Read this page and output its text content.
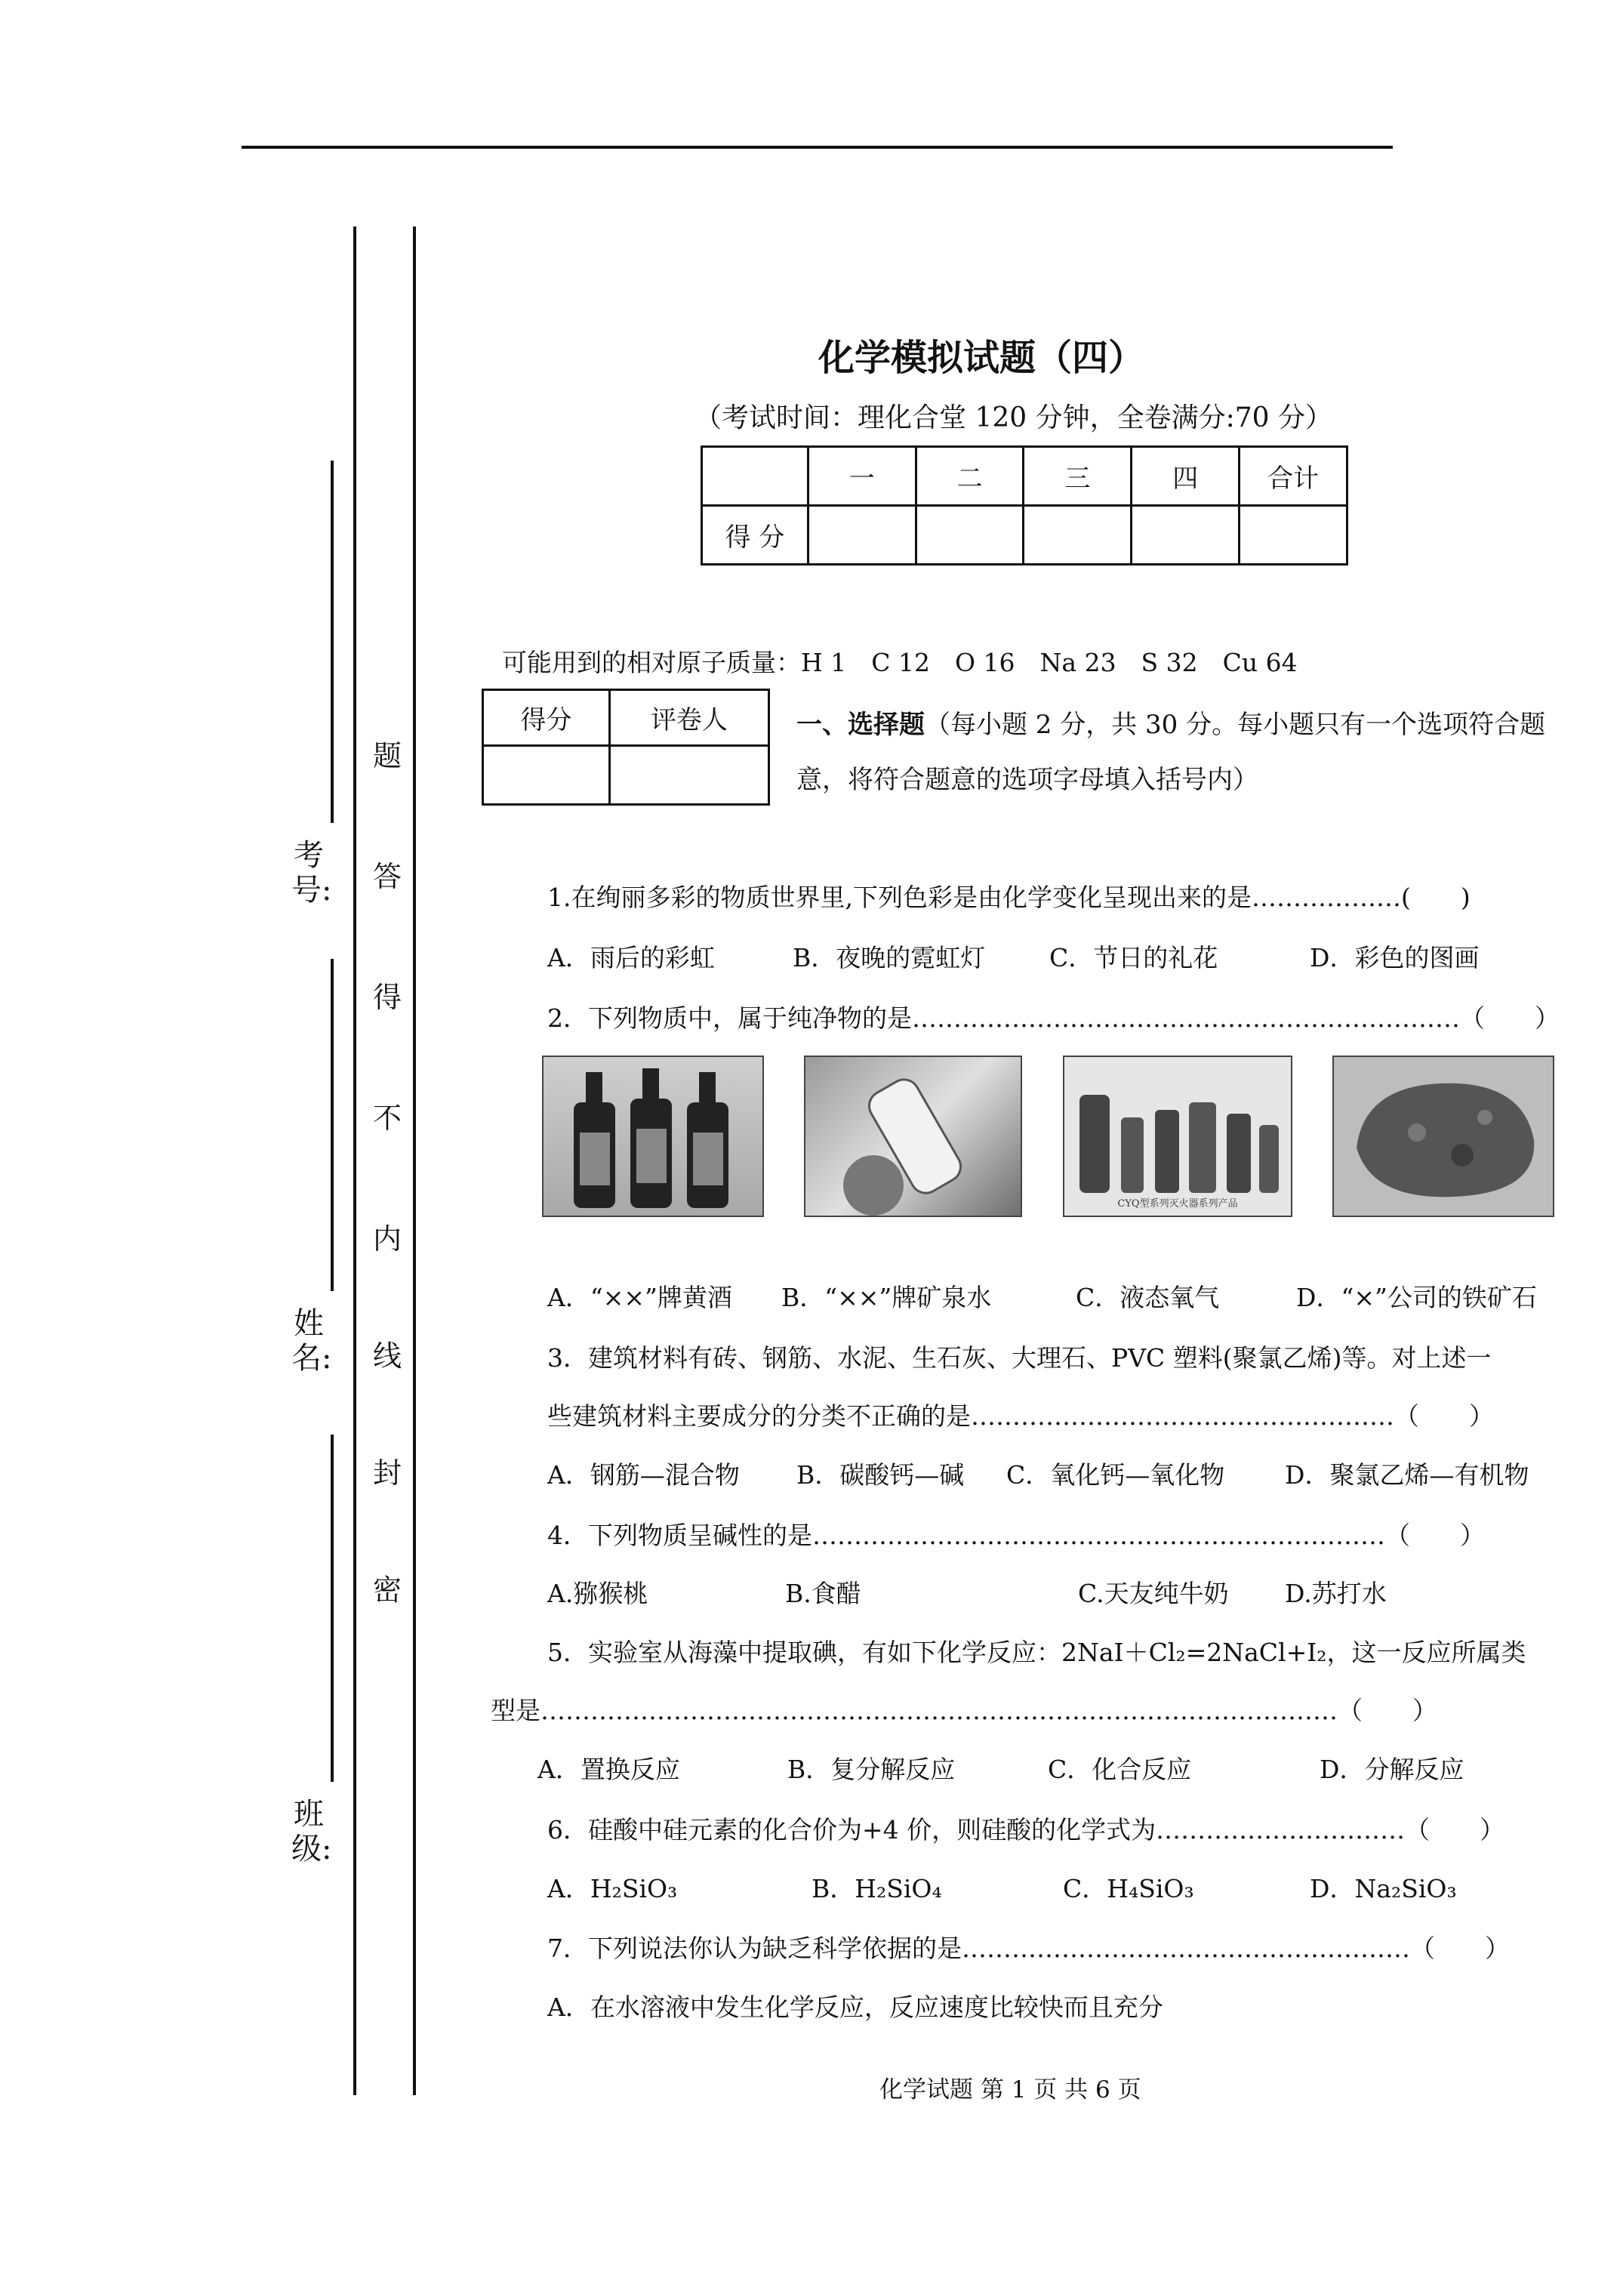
题
答
得
不
内
线
封
密
考号:
姓名:
班级:
化学模拟试题（四）
（考试时间：理化合堂 120 分钟，全卷满分:70 分）
	一	二	三	四	合计
得 分					
可能用到的相对原子质量：H 1　C 12　O 16　Na 23　S 32　Cu 64
得分	评卷人
		一、选择题（每小题 2 分，共 30 分。每小题只有一个选项符合题
意，将符合题意的选项字母填入括号内）
1.在绚丽多彩的物质世界里,下列色彩是由化学变化呈现出来的是………………(　　)
A．雨后的彩虹	B．夜晚的霓虹灯	C．节日的礼花	D．彩色的图画
2．下列物质中，属于纯净物的是…………………………………………………………（　　）
CYQ型系列灭火器系列产品
A．“××”牌黄酒 B．“××”牌矿泉水	C．液态氧气	D．“×”公司的铁矿石
3．建筑材料有砖、钢筋、水泥、生石灰、大理石、PVC 塑料(聚氯乙烯)等。对上述一
些建筑材料主要成分的分类不正确的是……………………………………………（　　）
A．钢筋—混合物 B．碳酸钙—碱 C．氧化钙—氧化物 D．聚氯乙烯—有机物
4．下列物质呈碱性的是……………………………………………………………（　　）
A.猕猴桃	B.食醋	C.天友纯牛奶 D.苏打水
5．实验室从海藻中提取碘，有如下化学反应：2NaI＋Cl₂=2NaCl+I₂，这一反应所属类
型是……………………………………………………………………………………（　　）
A．置换反应	B．复分解反应	C．化合反应	D．分解反应
6．硅酸中硅元素的化合价为+4 价，则硅酸的化学式为…………………………（　　）
A．H₂SiO₃	B．H₂SiO₄	C．H₄SiO₃	D．Na₂SiO₃
7．下列说法你认为缺乏科学依据的是………………………………………………（　　）
A．在水溶液中发生化学反应，反应速度比较快而且充分
化学试题 第 1 页 共 6 页
